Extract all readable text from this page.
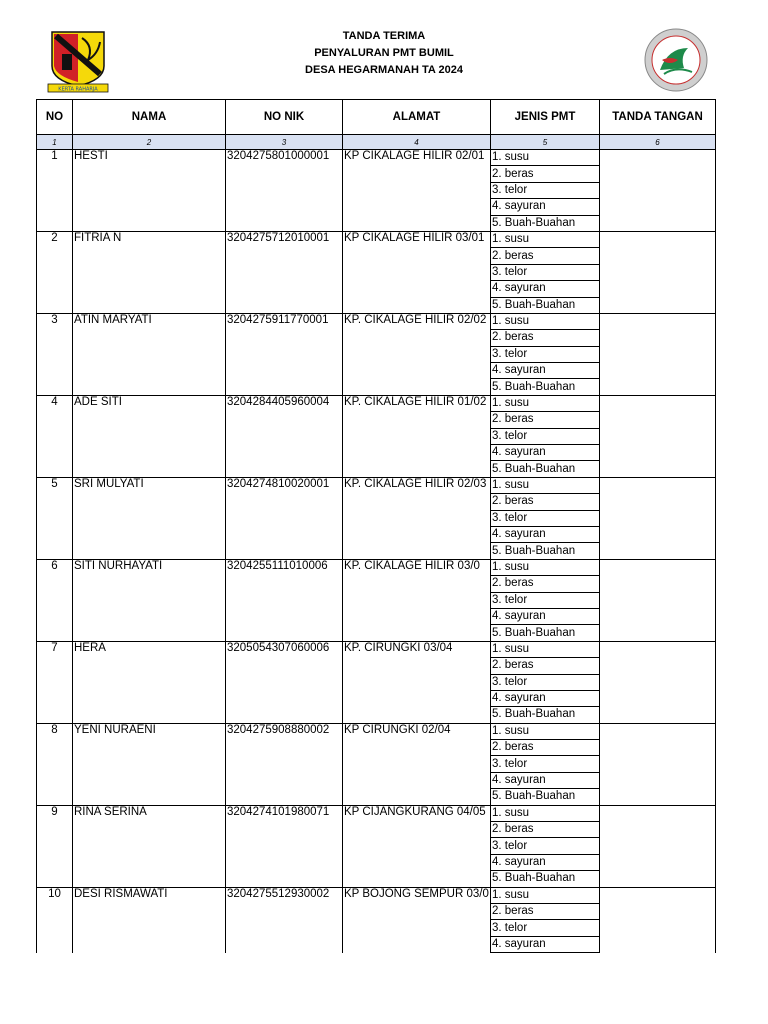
KERTA RAHARJA
TANDA TERIMA
PENYALURAN PMT BUMIL
DESA HEGARMANAH TA 2024
NO	NAMA	NO NIK	ALAMAT	JENIS PMT	TANDA TANGAN
1	2	3	4	5	6
1	HESTI	3204275801000001	KP CIKALAGE HILIR 02/01	1. susu	
				2. beras	
				3. telor	
				4. sayuran	
				5. Buah-Buahan	
2	FITRIA N	3204275712010001	KP CIKALAGE HILIR 03/01	1. susu	
				2. beras	
				3. telor	
				4. sayuran	
				5. Buah-Buahan	
3	ATIN MARYATI	3204275911770001	KP. CIKALAGE HILIR 02/02	1. susu	
				2. beras	
				3. telor	
				4. sayuran	
				5. Buah-Buahan	
4	ADE SITI	3204284405960004	KP. CIKALAGE HILIR 01/02	1. susu	
				2. beras	
				3. telor	
				4. sayuran	
				5. Buah-Buahan	
5	SRI MULYATI	3204274810020001	KP. CIKALAGE HILIR 02/03	1. susu	
				2. beras	
				3. telor	
				4. sayuran	
				5. Buah-Buahan	
6	SITI NURHAYATI	3204255111010006	KP. CIKALAGE HILIR 03/0	1. susu	
				2. beras	
				3. telor	
				4. sayuran	
				5. Buah-Buahan	
7	HERA	3205054307060006	KP. CIRUNGKI 03/04	1. susu	
				2. beras	
				3. telor	
				4. sayuran	
				5. Buah-Buahan	
8	YENI NURAENI	3204275908880002	KP CIRUNGKI 02/04	1. susu	
				2. beras	
				3. telor	
				4. sayuran	
				5. Buah-Buahan	
9	RINA SERINA	3204274101980071	KP CIJANGKURANG 04/05	1. susu	
				2. beras	
				3. telor	
				4. sayuran	
				5. Buah-Buahan	
10	DESI RISMAWATI	3204275512930002	KP BOJONG SEMPUR 03/0	1. susu	
				2. beras	
				3. telor	
				4. sayuran	
